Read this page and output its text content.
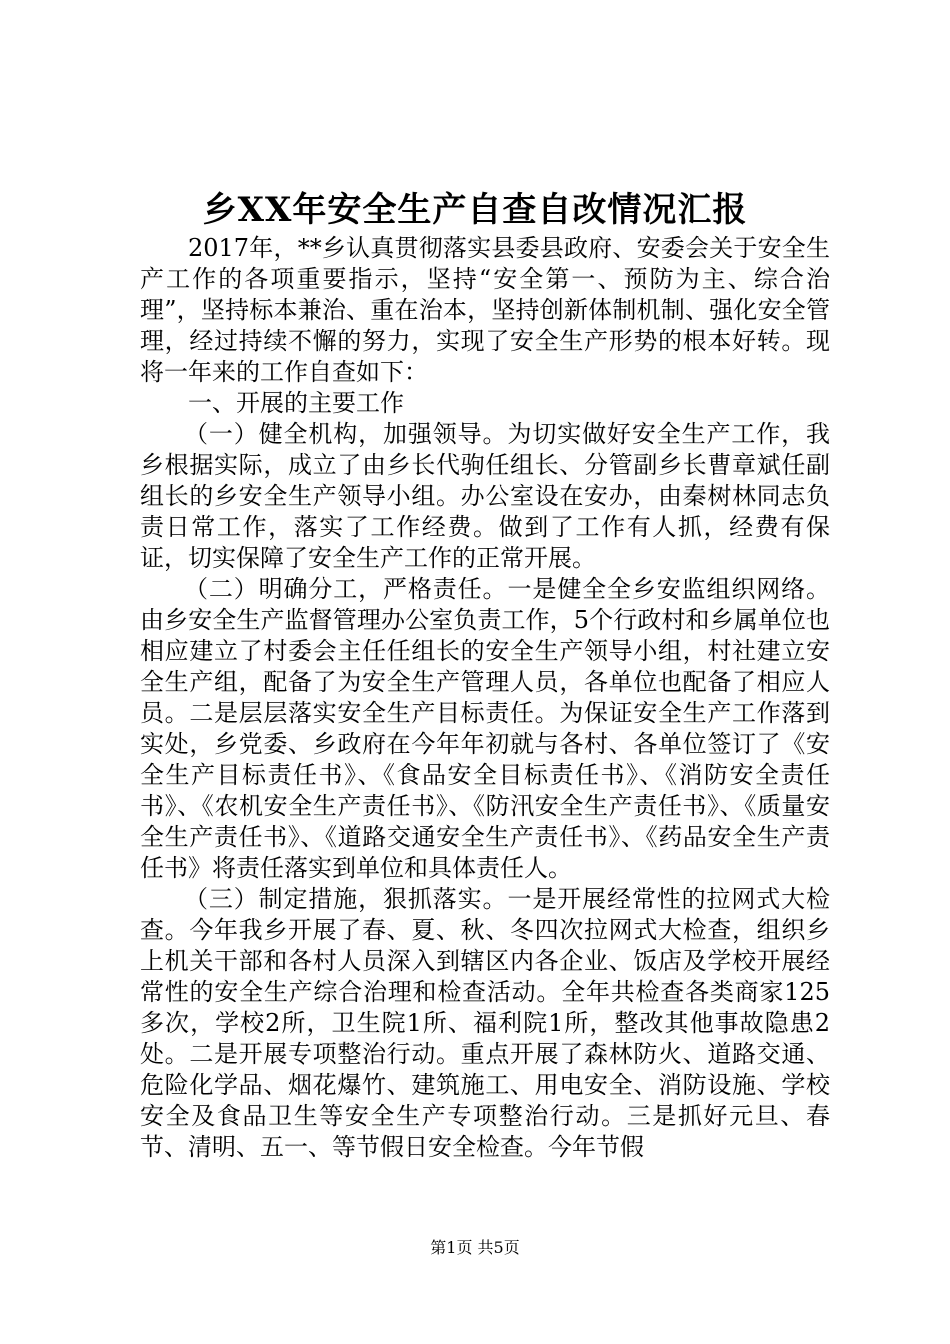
乡XX年安全生产自查自改情况汇报

2017年，**乡认真贯彻落实县委县政府、安委会关于安全生产工作的各项重要指示，坚持“安全第一、预防为主、综合治理”，坚持标本兼治、重在治本，坚持创新体制机制、强化安全管理，经过持续不懈的努力，实现了安全生产形势的根本好转。现将一年来的工作自查如下：

一、开展的主要工作

（一）健全机构，加强领导。为切实做好安全生产工作，我乡根据实际，成立了由乡长代驹任组长、分管副乡长曹章斌任副组长的乡安全生产领导小组。办公室设在安办，由秦树林同志负责日常工作，落实了工作经费。做到了工作有人抓，经费有保证，切实保障了安全生产工作的正常开展。

（二）明确分工，严格责任。一是健全全乡安监组织网络。由乡安全生产监督管理办公室负责工作，5个行政村和乡属单位也相应建立了村委会主任任组长的安全生产领导小组，村社建立安全生产组，配备了为安全生产管理人员，各单位也配备了相应人员。二是层层落实安全生产目标责任。为保证安全生产工作落到实处，乡党委、乡政府在今年年初就与各村、各单位签订了《安全生产目标责任书》、《食品安全目标责任书》、《消防安全责任书》、《农机安全生产责任书》、《防汛安全生产责任书》、《质量安全生产责任书》、《道路交通安全生产责任书》、《药品安全生产责任书》将责任落实到单位和具体责任人。

（三）制定措施，狠抓落实。一是开展经常性的拉网式大检查。今年我乡开展了春、夏、秋、冬四次拉网式大检查，组织乡上机关干部和各村人员深入到辖区内各企业、饭店及学校开展经常性的安全生产综合治理和检查活动。全年共检查各类商家125多次，学校2所，卫生院1所、福利院1所，整改其他事故隐患2处。二是开展专项整治行动。重点开展了森林防火、道路交通、危险化学品、烟花爆竹、建筑施工、用电安全、消防设施、学校安全及食品卫生等安全生产专项整治行动。三是抓好元旦、春节、清明、五一、等节假日安全检查。今年节假

第1页 共5页
